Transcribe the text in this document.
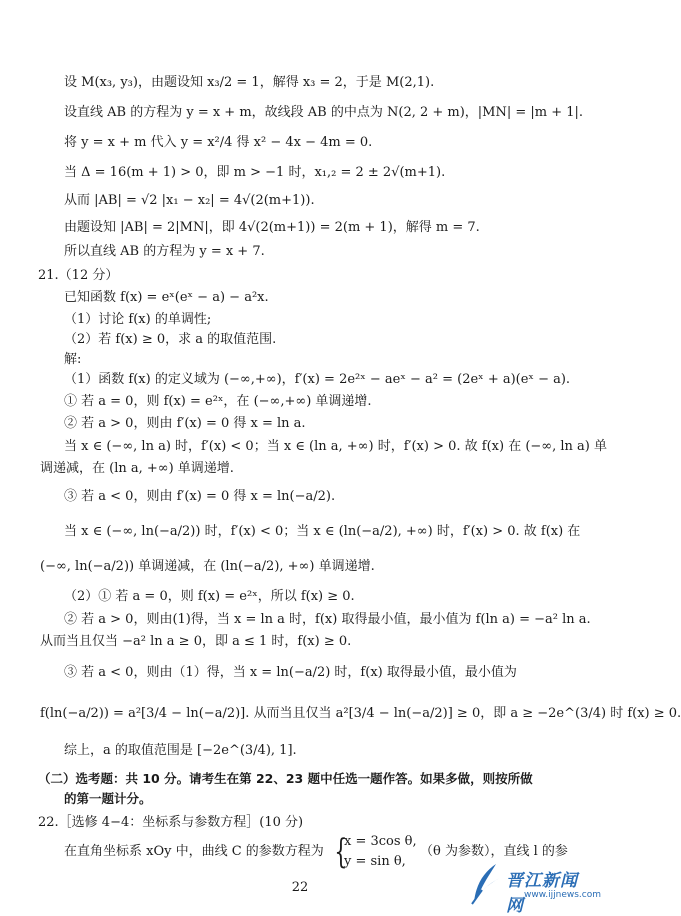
设 M(x₃, y₃)，由题设知 x₃/2 = 1，解得 x₃ = 2，于是 M(2,1).
设直线 AB 的方程为 y = x + m，故线段 AB 的中点为 N(2, 2 + m)，|MN| = |m + 1|.
将 y = x + m 代入 y = x²/4 得 x² − 4x − 4m = 0.
当 Δ = 16(m + 1) > 0，即 m > −1 时，x₁,₂ = 2 ± 2√(m+1).
从而 |AB| = √2 |x₁ − x₂| = 4√(2(m+1)).
由题设知 |AB| = 2|MN|，即 4√(2(m+1)) = 2(m + 1)，解得 m = 7.
所以直线 AB 的方程为 y = x + 7.
21.（12 分）
已知函数 f(x) = eˣ(eˣ − a) − a²x.
（1）讨论 f(x) 的单调性;
（2）若 f(x) ≥ 0，求 a 的取值范围.
解:
（1）函数 f(x) 的定义域为 (−∞,+∞)，f′(x) = 2e²ˣ − aeˣ − a² = (2eˣ + a)(eˣ − a).
① 若 a = 0，则 f(x) = e²ˣ，在 (−∞,+∞) 单调递增.
② 若 a > 0，则由 f′(x) = 0 得 x = ln a.
当 x ∈ (−∞, ln a) 时，f′(x) < 0；当 x ∈ (ln a, +∞) 时，f′(x) > 0. 故 f(x) 在 (−∞, ln a) 单
调递减，在 (ln a, +∞) 单调递增.
③ 若 a < 0，则由 f′(x) = 0 得 x = ln(−a/2).
当 x ∈ (−∞, ln(−a/2)) 时，f′(x) < 0；当 x ∈ (ln(−a/2), +∞) 时，f′(x) > 0. 故 f(x) 在
(−∞, ln(−a/2)) 单调递减，在 (ln(−a/2), +∞) 单调递增.
（2）① 若 a = 0，则 f(x) = e²ˣ，所以 f(x) ≥ 0.
② 若 a > 0，则由(1)得，当 x = ln a 时，f(x) 取得最小值，最小值为 f(ln a) = −a² ln a.
从而当且仅当 −a² ln a ≥ 0，即 a ≤ 1 时，f(x) ≥ 0.
③ 若 a < 0，则由（1）得，当 x = ln(−a/2) 时，f(x) 取得最小值，最小值为
f(ln(−a/2)) = a²[3/4 − ln(−a/2)]. 从而当且仅当 a²[3/4 − ln(−a/2)] ≥ 0，即 a ≥ −2e^(3/4) 时 f(x) ≥ 0.
综上，a 的取值范围是 [−2e^(3/4), 1].
（二）选考题：共 10 分。请考生在第 22、23 题中任选一题作答。如果多做，则按所做
的第一题计分。
22.［选修 4−4：坐标系与参数方程］(10 分)
在直角坐标系 xOy 中，曲线 C 的参数方程为 {
x = 3cos θ,
y = sin θ,
（θ 为参数），直线 l 的参
22	晋江新闻网
www.ijjnews.com
